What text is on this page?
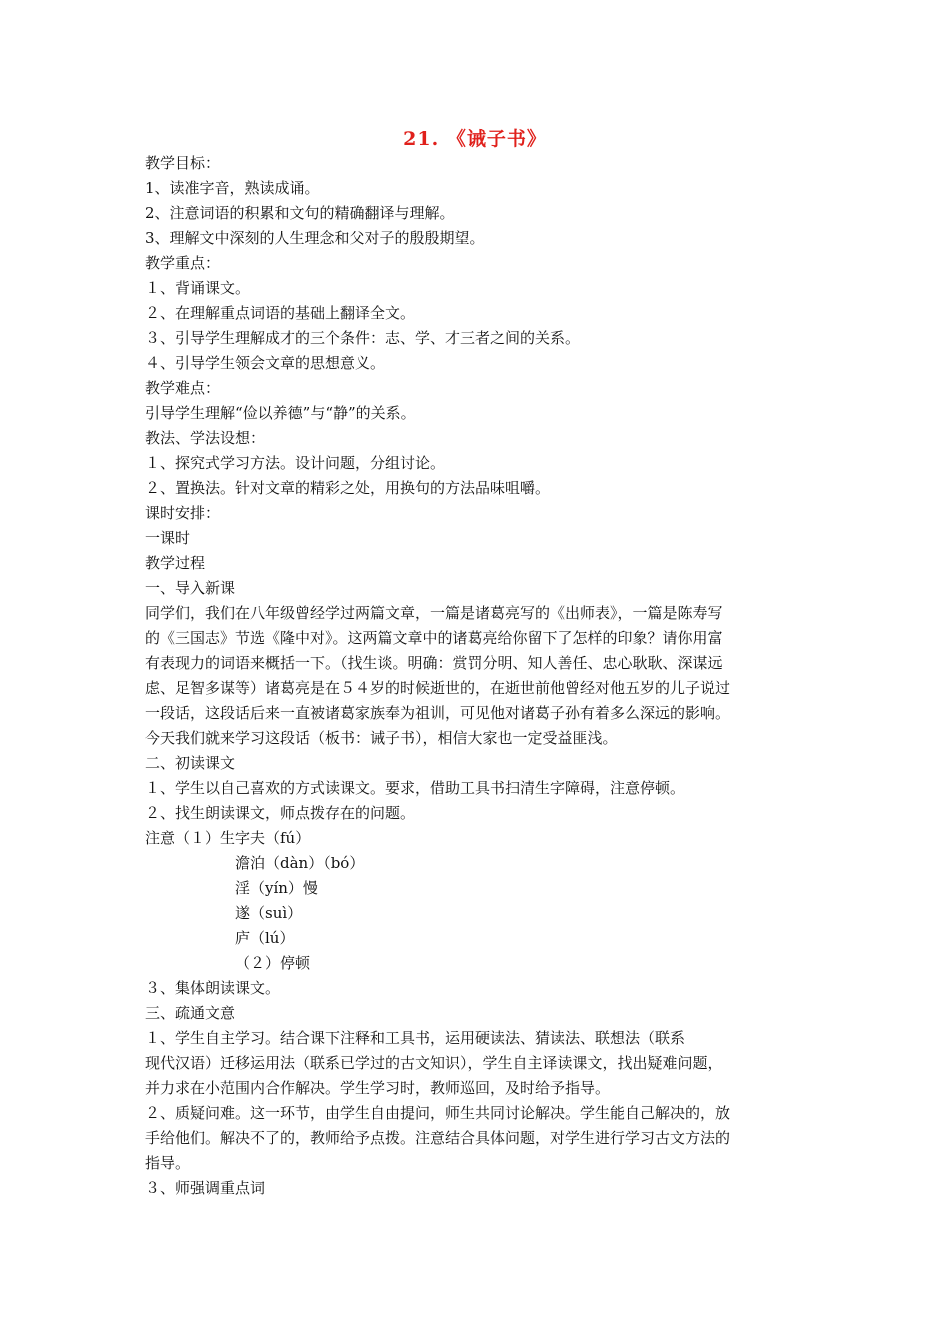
21. 《诫子书》

教学目标：

1、读准字音，熟读成诵。

2、注意词语的积累和文句的精确翻译与理解。

3、理解文中深刻的人生理念和父对子的殷殷期望。

教学重点：

１、背诵课文。

２、在理解重点词语的基础上翻译全文。

３、引导学生理解成才的三个条件：志、学、才三者之间的关系。

４、引导学生领会文章的思想意义。

教学难点：

引导学生理解“俭以养德”与“静”的关系。

教法、学法设想：

１、探究式学习方法。设计问题，分组讨论。

２、置换法。针对文章的精彩之处，用换句的方法品味咀嚼。

课时安排：

一课时

教学过程

一、导入新课

同学们，我们在八年级曾经学过两篇文章，一篇是诸葛亮写的《出师表》，一篇是陈寿写

的《三国志》节选《隆中对》。这两篇文章中的诸葛亮给你留下了怎样的印象？请你用富

有表现力的词语来概括一下。（找生谈。明确：赏罚分明、知人善任、忠心耿耿、深谋远

虑、足智多谋等）诸葛亮是在５４岁的时候逝世的，在逝世前他曾经对他五岁的儿子说过

一段话，这段话后来一直被诸葛家族奉为祖训，可见他对诸葛子孙有着多么深远的影响。

今天我们就来学习这段话（板书：诫子书），相信大家也一定受益匪浅。

二、初读课文

１、学生以自己喜欢的方式读课文。要求，借助工具书扫清生字障碍，注意停顿。

２、找生朗读课文，师点拨存在的问题。

注意（１）生字夫（fú）

澹泊（dàn）（bó）

淫（yín）慢

遂（suì）

庐（lú）

（２）停顿

３、集体朗读课文。

三、疏通文意

１、学生自主学习。结合课下注释和工具书，运用硬读法、猜读法、联想法（联系

现代汉语）迁移运用法（联系已学过的古文知识），学生自主译读课文，找出疑难问题，

并力求在小范围内合作解决。学生学习时，教师巡回，及时给予指导。

２、质疑问难。这一环节，由学生自由提问，师生共同讨论解决。学生能自己解决的，放

手给他们。解决不了的，教师给予点拨。注意结合具体问题，对学生进行学习古文方法的

指导。

３、师强调重点词
